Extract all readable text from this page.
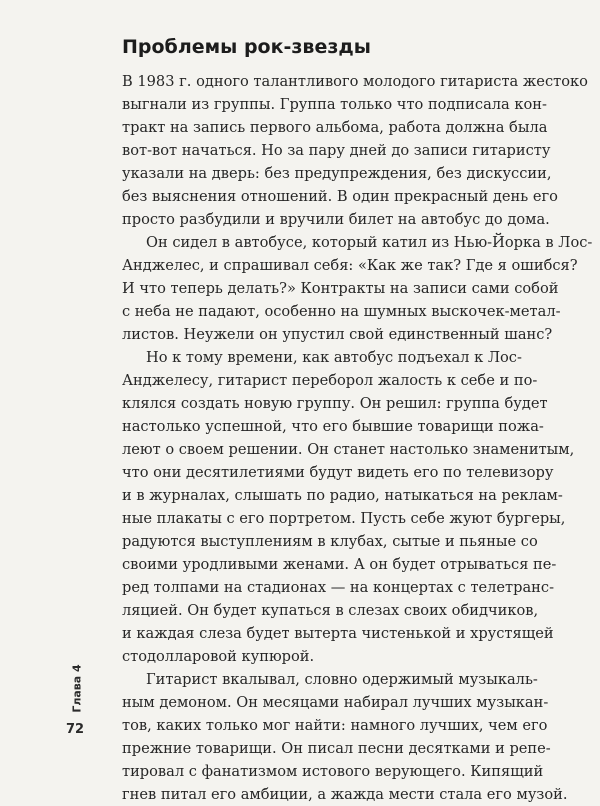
Проблемы рок-звезды
В 1983 г. одного талантливого молодого гитариста жестоко
выгнали из группы. Группа только что подписала кон-
тракт на запись первого альбома, работа должна была
вот-вот начаться. Но за пару дней до записи гитаристу
указали на дверь: без предупреждения, без дискуссии,
без выяснения отношений. В один прекрасный день его
просто разбудили и вручили билет на автобус до дома.
Он сидел в автобусе, который катил из Нью-Йорка в Лос-
Анджелес, и спрашивал себя: «Как же так? Где я ошибся?
И что теперь делать?» Контракты на записи сами собой
с неба не падают, особенно на шумных выскочек-метал-
листов. Неужели он упустил свой единственный шанс?
Но к тому времени, как автобус подъехал к Лос-
Анджелесу, гитарист переборол жалость к себе и по-
клялся создать новую группу. Он решил: группа будет
настолько успешной, что его бывшие товарищи пожа-
леют о своем решении. Он станет настолько знаменитым,
что они десятилетиями будут видеть его по телевизору
и в журналах, слышать по радио, натыкаться на реклам-
ные плакаты с его портретом. Пусть себе жуют бургеры,
радуются выступлениям в клубах, сытые и пьяные со
своими уродливыми женами. А он будет отрываться пе-
ред толпами на стадионах — на концертах с телетранс-
ляцией. Он будет купаться в слезах своих обидчиков,
и каждая слеза будет вытерта чистенькой и хрустящей
стодолларовой купюрой.
Гитарист вкалывал, словно одержимый музыкаль-
ным демоном. Он месяцами набирал лучших музыкан-
тов, каких только мог найти: намного лучших, чем его
прежние товарищи. Он писал песни десятками и репе-
тировал с фанатизмом истового верующего. Кипящий
гнев питал его амбиции, а жажда мести стала его музой.
Глава 4
72
